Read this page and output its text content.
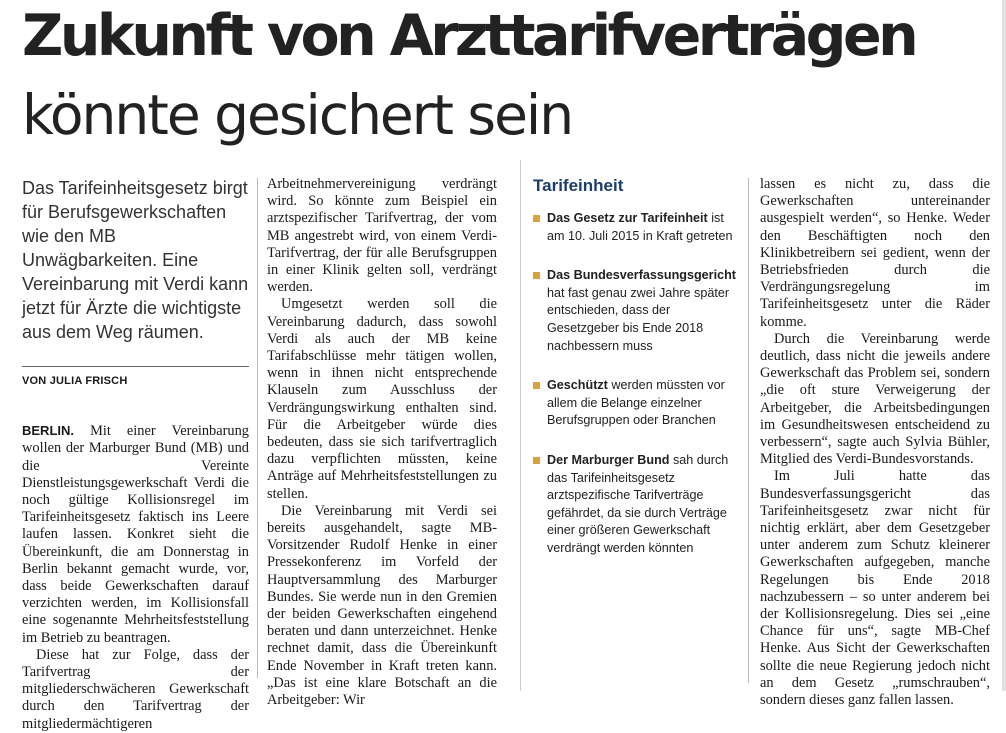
Zukunft von Arzttarifverträgen
könnte gesichert sein

Das Tarifeinheitsgesetz birgt für Berufsgewerkschaften wie den MB Unwägbarkeiten. Eine Vereinbarung mit Verdi kann jetzt für Ärzte die wichtigste aus dem Weg räumen.

VON JULIA FRISCH

BERLIN. Mit einer Vereinbarung wollen der Marburger Bund (MB) und die Vereinte Dienstleistungsgewerkschaft Verdi die noch gültige Kollisionsregel im Tarifeinheitsgesetz faktisch ins Leere laufen lassen. Konkret sieht die Übereinkunft, die am Donnerstag in Berlin bekannt gemacht wurde, vor, dass beide Gewerkschaften darauf verzichten werden, im Kollisionsfall eine sogenannte Mehrheitsfeststellung im Betrieb zu beantragen.

Diese hat zur Folge, dass der Tarifvertrag der mitgliederschwächeren Gewerkschaft durch den Tarifvertrag der mitgliedermächtigeren

Arbeitnehmervereinigung verdrängt wird. So könnte zum Beispiel ein arztspezifischer Tarifvertrag, der vom MB angestrebt wird, von einem Verdi-Tarifvertrag, der für alle Berufsgruppen in einer Klinik gelten soll, verdrängt werden.

Umgesetzt werden soll die Vereinbarung dadurch, dass sowohl Verdi als auch der MB keine Tarifabschlüsse mehr tätigen wollen, wenn in ihnen nicht entsprechende Klauseln zum Ausschluss der Verdrängungswirkung enthalten sind. Für die Arbeitgeber würde dies bedeuten, dass sie sich tarifvertraglich dazu verpflichten müssten, keine Anträge auf Mehrheitsfeststellungen zu stellen.

Die Vereinbarung mit Verdi sei bereits ausgehandelt, sagte MB-Vorsitzender Rudolf Henke in einer Pressekonferenz im Vorfeld der Hauptversammlung des Marburger Bundes. Sie werde nun in den Gremien der beiden Gewerkschaften eingehend beraten und dann unterzeichnet. Henke rechnet damit, dass die Übereinkunft Ende November in Kraft treten kann. „Das ist eine klare Botschaft an die Arbeitgeber: Wir

Tarifeinheit
Das Gesetz zur Tarifeinheit ist am 10. Juli 2015 in Kraft getreten
Das Bundesverfassungsgericht hat fast genau zwei Jahre später entschieden, dass der Gesetzgeber bis Ende 2018 nachbessern muss
Geschützt werden müssten vor allem die Belange einzelner Berufsgruppen oder Branchen
Der Marburger Bund sah durch das Tarifeinheitsgesetz arztspezifische Tarifverträge gefährdet, da sie durch Verträge einer größeren Gewerkschaft verdrängt werden könnten

lassen es nicht zu, dass die Gewerkschaften untereinander ausgespielt werden“, so Henke. Weder den Beschäftigten noch den Klinikbetreibern sei gedient, wenn der Betriebsfrieden durch die Verdrängungsregelung im Tarifeinheitsgesetz unter die Räder komme.

Durch die Vereinbarung werde deutlich, dass nicht die jeweils andere Gewerkschaft das Problem sei, sondern „die oft sture Verweigerung der Arbeitgeber, die Arbeitsbedingungen im Gesundheitswesen entscheidend zu verbessern“, sagte auch Sylvia Bühler, Mitglied des Verdi-Bundesvorstands.

Im Juli hatte das Bundesverfassungsgericht das Tarifeinheitsgesetz zwar nicht für nichtig erklärt, aber dem Gesetzgeber unter anderem zum Schutz kleinerer Gewerkschaften aufgegeben, manche Regelungen bis Ende 2018 nachzubessern – so unter anderem bei der Kollisionsregelung. Dies sei „eine Chance für uns“, sagte MB-Chef Henke. Aus Sicht der Gewerkschaften sollte die neue Regierung jedoch nicht an dem Gesetz „rumschrauben“, sondern dieses ganz fallen lassen.
